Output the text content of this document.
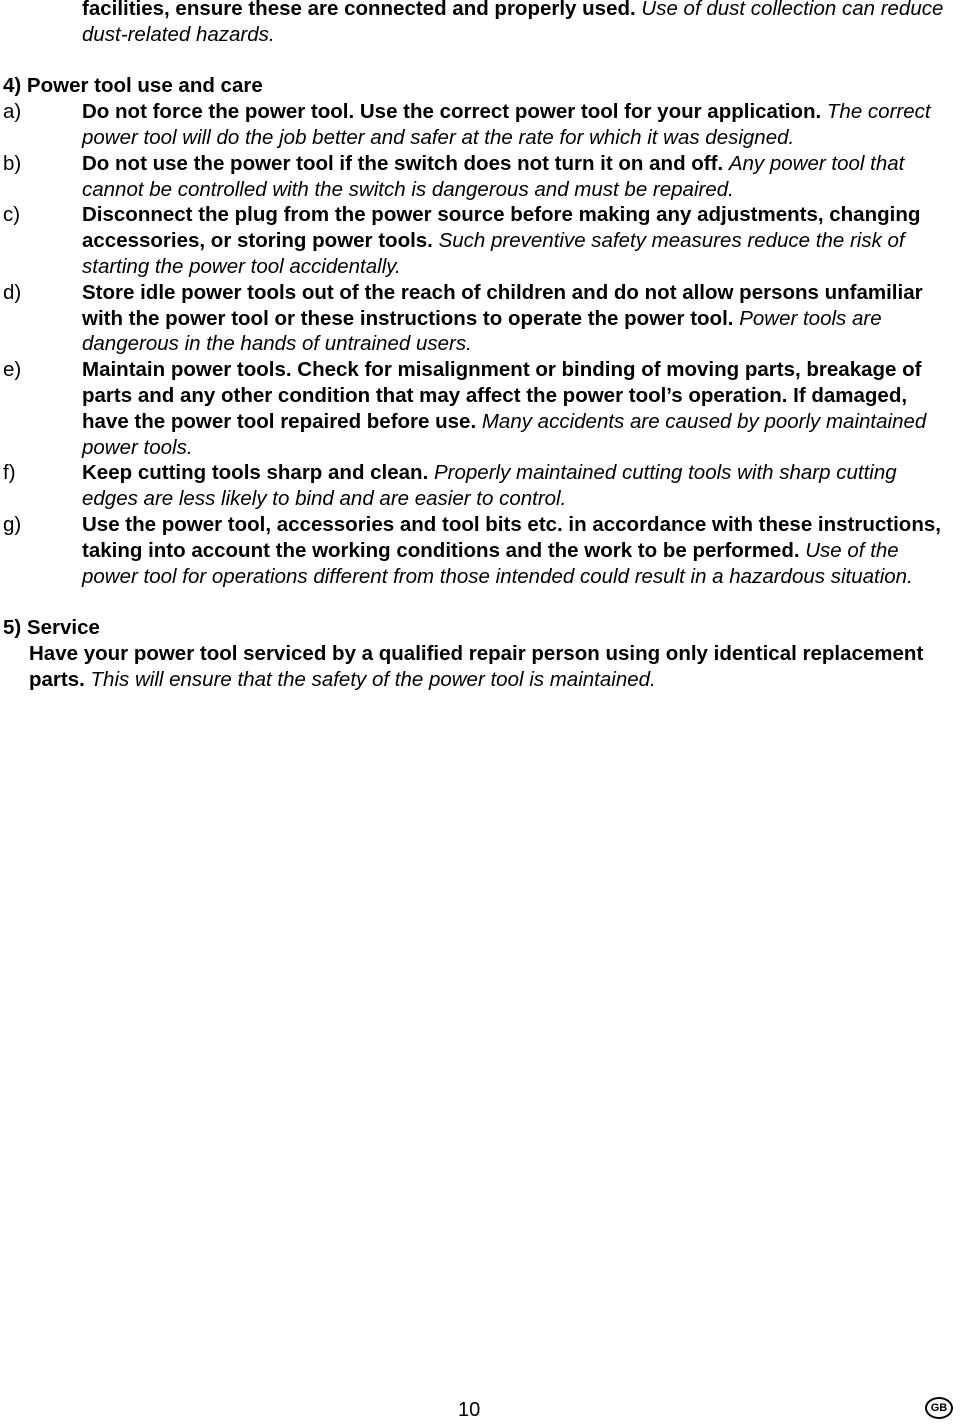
facilities, ensure these are connected and properly used. Use of dust collection can reduce dust-related hazards.
4) Power tool use and care
a)	Do not force the power tool. Use the correct power tool for your application. The correct power tool will do the job better and safer at the rate for which it was designed.
b)	Do not use the power tool if the switch does not turn it on and off. Any power tool that cannot be controlled with the switch is dangerous and must be repaired.
c)	Disconnect the plug from the power source before making any adjustments, changing accessories, or storing power tools. Such preventive safety measures reduce the risk of starting the power tool accidentally.
d)	Store idle power tools out of the reach of children and do not allow persons unfamiliar with the power tool or these instructions to operate the power tool. Power tools are dangerous in the hands of untrained users.
e)	Maintain power tools. Check for misalignment or binding of moving parts, breakage of parts and any other condition that may affect the power tool’s operation. If damaged, have the power tool repaired before use. Many accidents are caused by poorly maintained power tools.
f)	Keep cutting tools sharp and clean. Properly maintained cutting tools with sharp cutting edges are less likely to bind and are easier to control.
g)	Use the power tool, accessories and tool bits etc. in accordance with these instructions, taking into account the working conditions and the work to be performed. Use of the power tool for operations different from those intended could result in a hazardous situation.
5) Service
Have your power tool serviced by a qualified repair person using only identical replacement parts. This will ensure that the safety of the power tool is maintained.
10	GB
